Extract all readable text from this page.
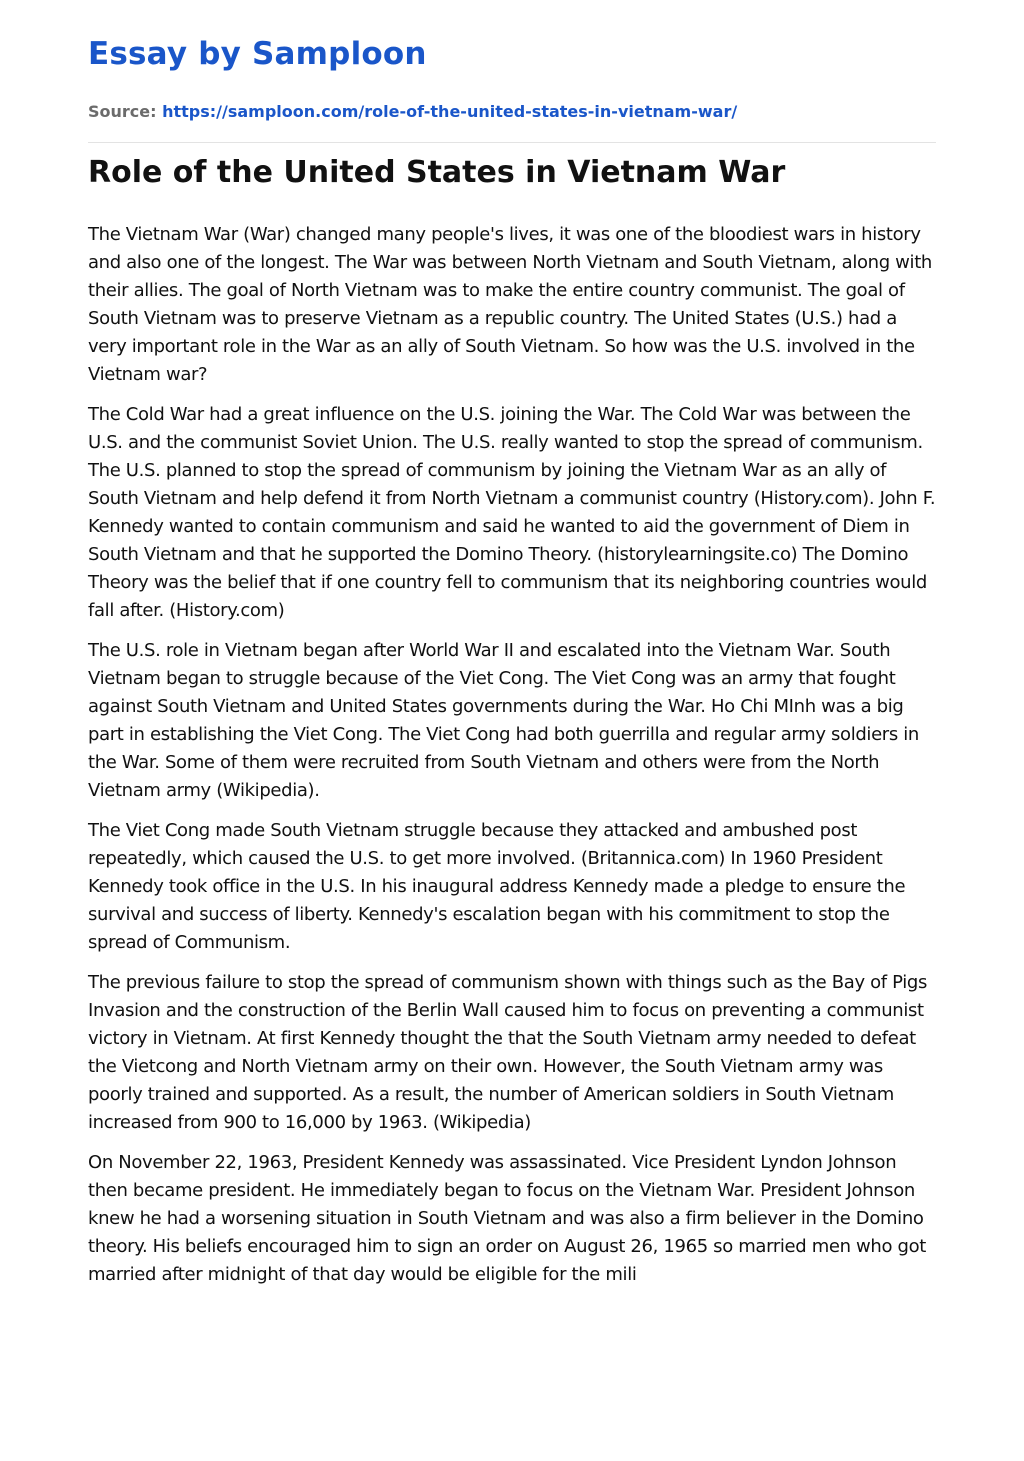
Essay by Samploon
Source: https://samploon.com/role-of-the-united-states-in-vietnam-war/
Role of the United States in Vietnam War

The Vietnam War (War) changed many people's lives, it was one of the bloodiest wars in history and also one of the longest. The War was between North Vietnam and South Vietnam, along with their allies. The goal of North Vietnam was to make the entire country communist. The goal of South Vietnam was to preserve Vietnam as a republic country. The United States (U.S.) had a very important role in the War as an ally of South Vietnam. So how was the U.S. involved in the Vietnam war?

The Cold War had a great influence on the U.S. joining the War. The Cold War was between the U.S. and the communist Soviet Union. The U.S. really wanted to stop the spread of communism. The U.S. planned to stop the spread of communism by joining the Vietnam War as an ally of South Vietnam and help defend it from North Vietnam a communist country (History.com). John F. Kennedy wanted to contain communism and said he wanted to aid the government of Diem in South Vietnam and that he supported the Domino Theory. (historylearningsite.co) The Domino Theory was the belief that if one country fell to communism that its neighboring countries would fall after. (History.com)

The U.S. role in Vietnam began after World War II and escalated into the Vietnam War. South Vietnam began to struggle because of the Viet Cong. The Viet Cong was an army that fought against South Vietnam and United States governments during the War. Ho Chi MInh was a big part in establishing the Viet Cong. The Viet Cong had both guerrilla and regular army soldiers in the War. Some of them were recruited from South Vietnam and others were from the North Vietnam army (Wikipedia).

The Viet Cong made South Vietnam struggle because they attacked and ambushed post repeatedly, which caused the U.S. to get more involved. (Britannica.com) In 1960 President Kennedy took office in the U.S. In his inaugural address Kennedy made a pledge to ensure the survival and success of liberty. Kennedy's escalation began with his commitment to stop the spread of Communism.

The previous failure to stop the spread of communism shown with things such as the Bay of Pigs Invasion and the construction of the Berlin Wall caused him to focus on preventing a communist victory in Vietnam. At first Kennedy thought the that the South Vietnam army needed to defeat the Vietcong and North Vietnam army on their own. However, the South Vietnam army was poorly trained and supported. As a result, the number of American soldiers in South Vietnam increased from 900 to 16,000 by 1963. (Wikipedia)

On November 22, 1963, President Kennedy was assassinated. Vice President Lyndon Johnson then became president. He immediately began to focus on the Vietnam War. President Johnson knew he had a worsening situation in South Vietnam and was also a firm believer in the Domino theory. His beliefs encouraged him to sign an order on August 26, 1965 so married men who got married after midnight of that day would be eligible for the mili
